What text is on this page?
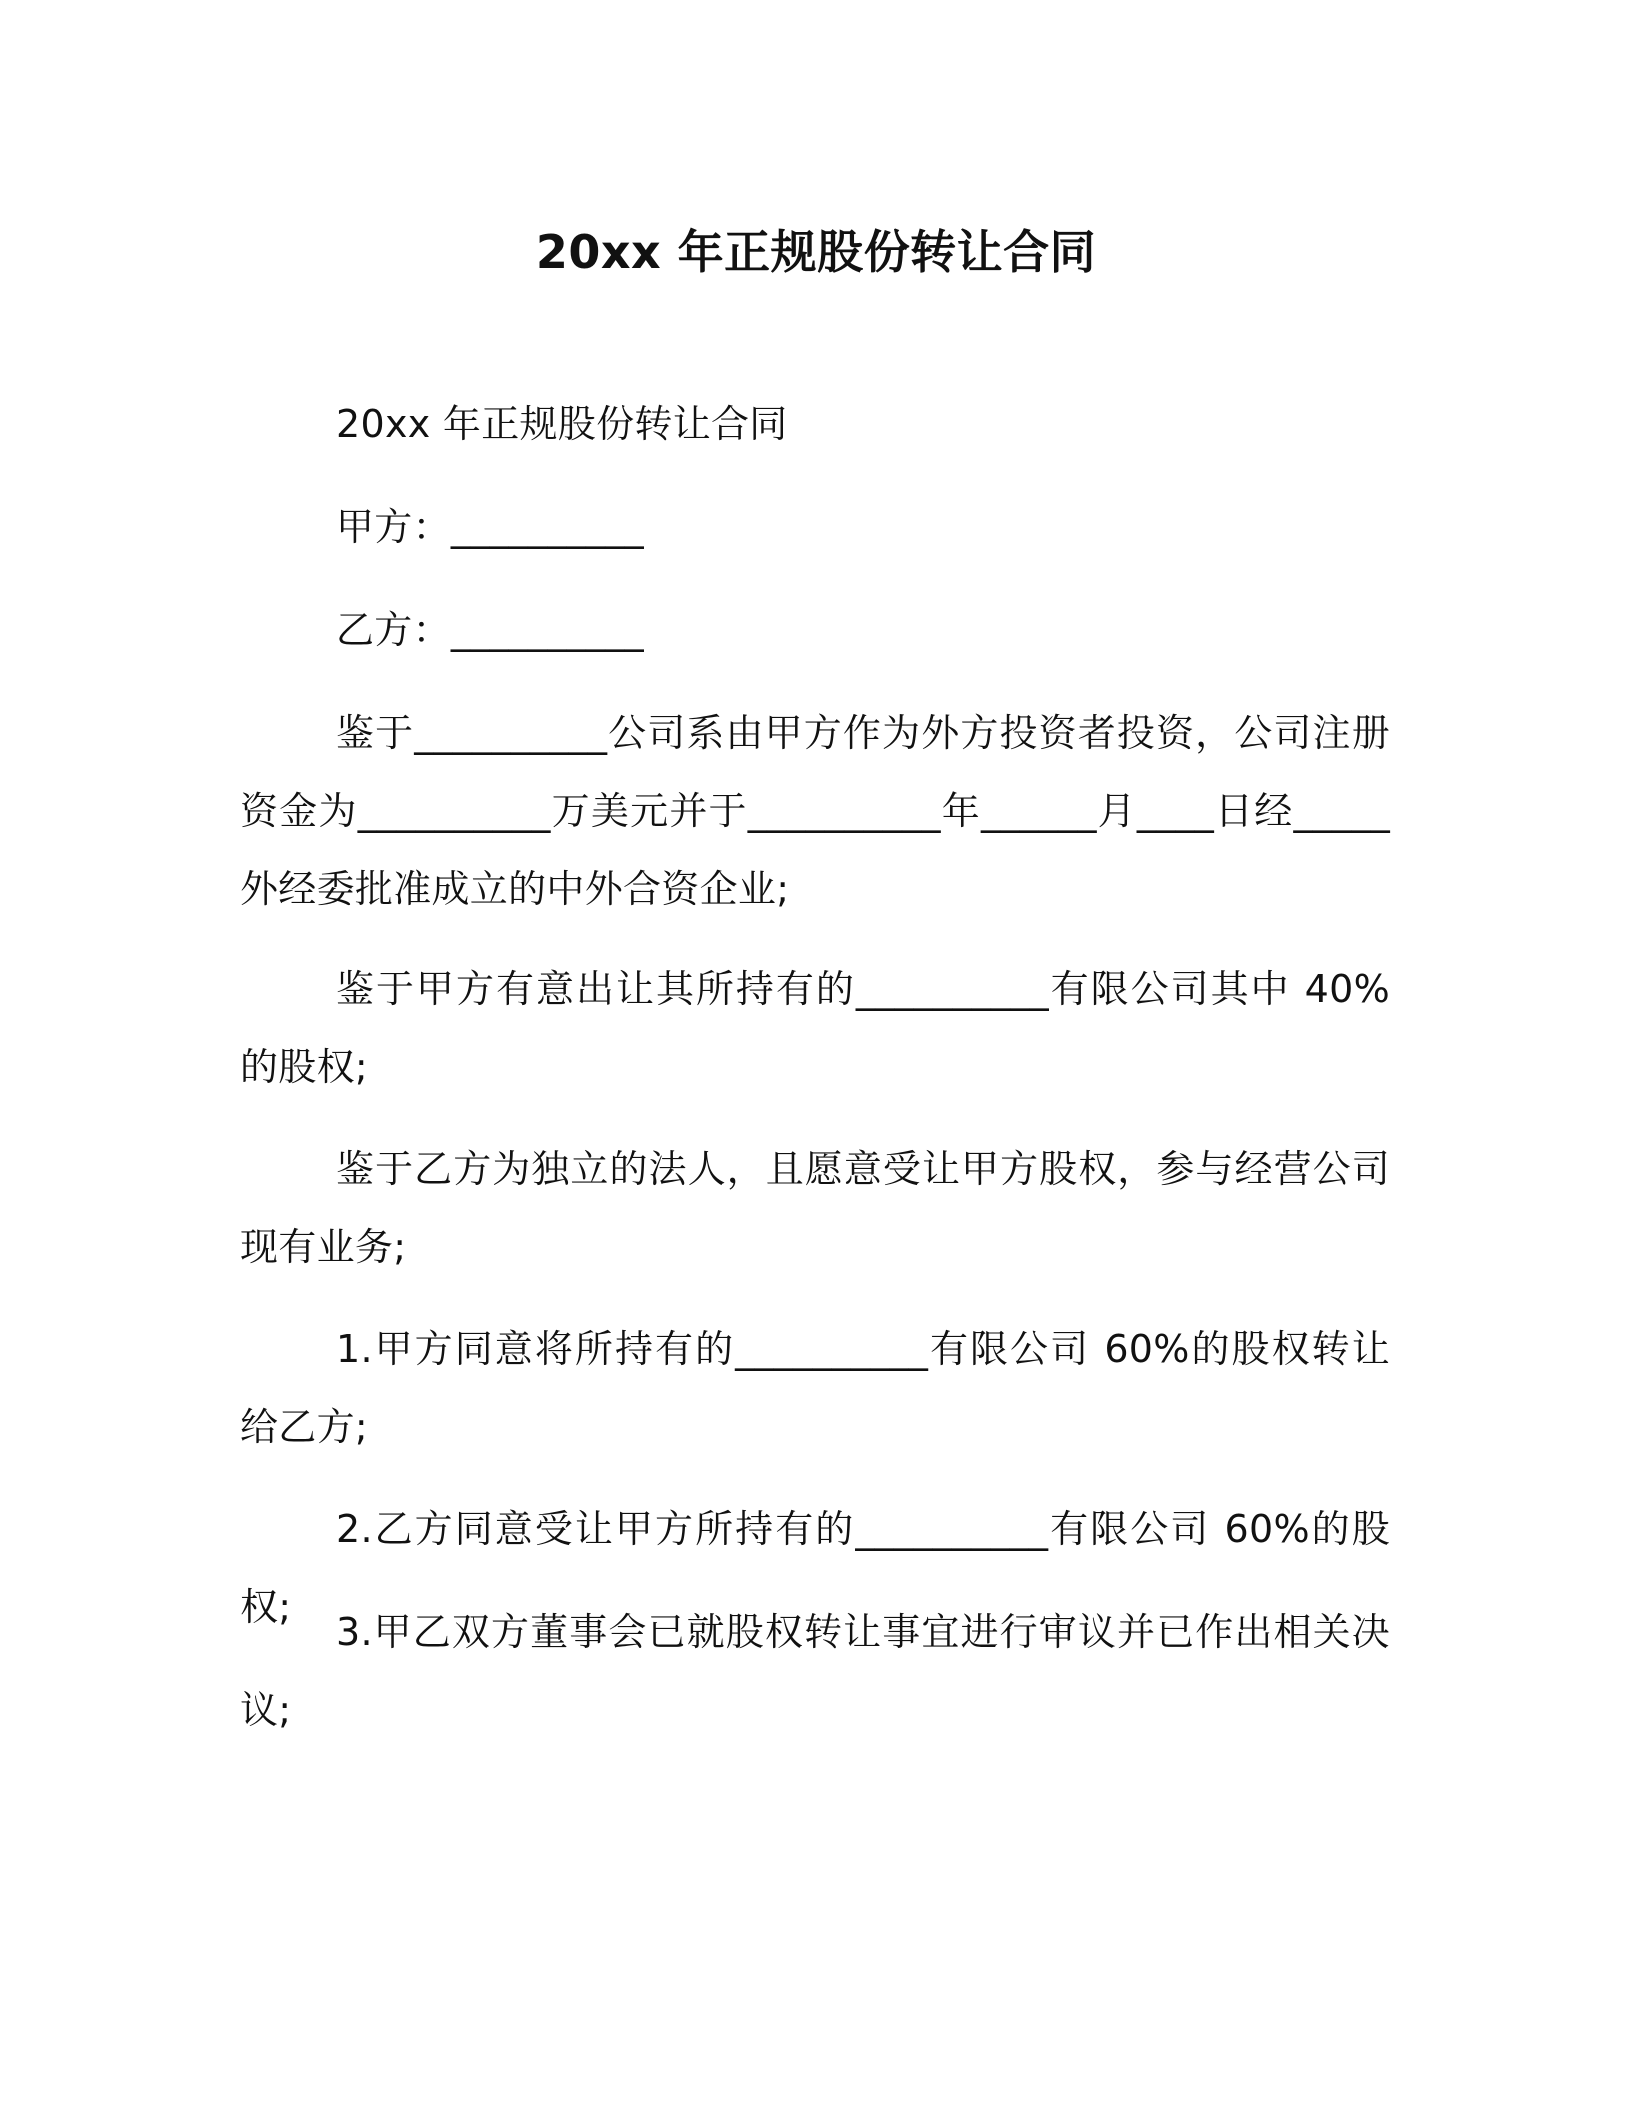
20xx 年正规股份转让合同
20xx 年正规股份转让合同
甲方：__________
乙方：__________

鉴于__________公司系由甲方作为外方投资者投资，公司注册资金为__________万美元并于__________年______月____日经_____外经委批准成立的中外合资企业;

鉴于甲方有意出让其所持有的__________有限公司其中 40%的股权;

鉴于乙方为独立的法人，且愿意受让甲方股权，参与经营公司现有业务;

1.甲方同意将所持有的__________有限公司 60%的股权转让给乙方;

2.乙方同意受让甲方所持有的__________有限公司 60%的股权;

3.甲乙双方董事会已就股权转让事宜进行审议并已作出相关决议;
